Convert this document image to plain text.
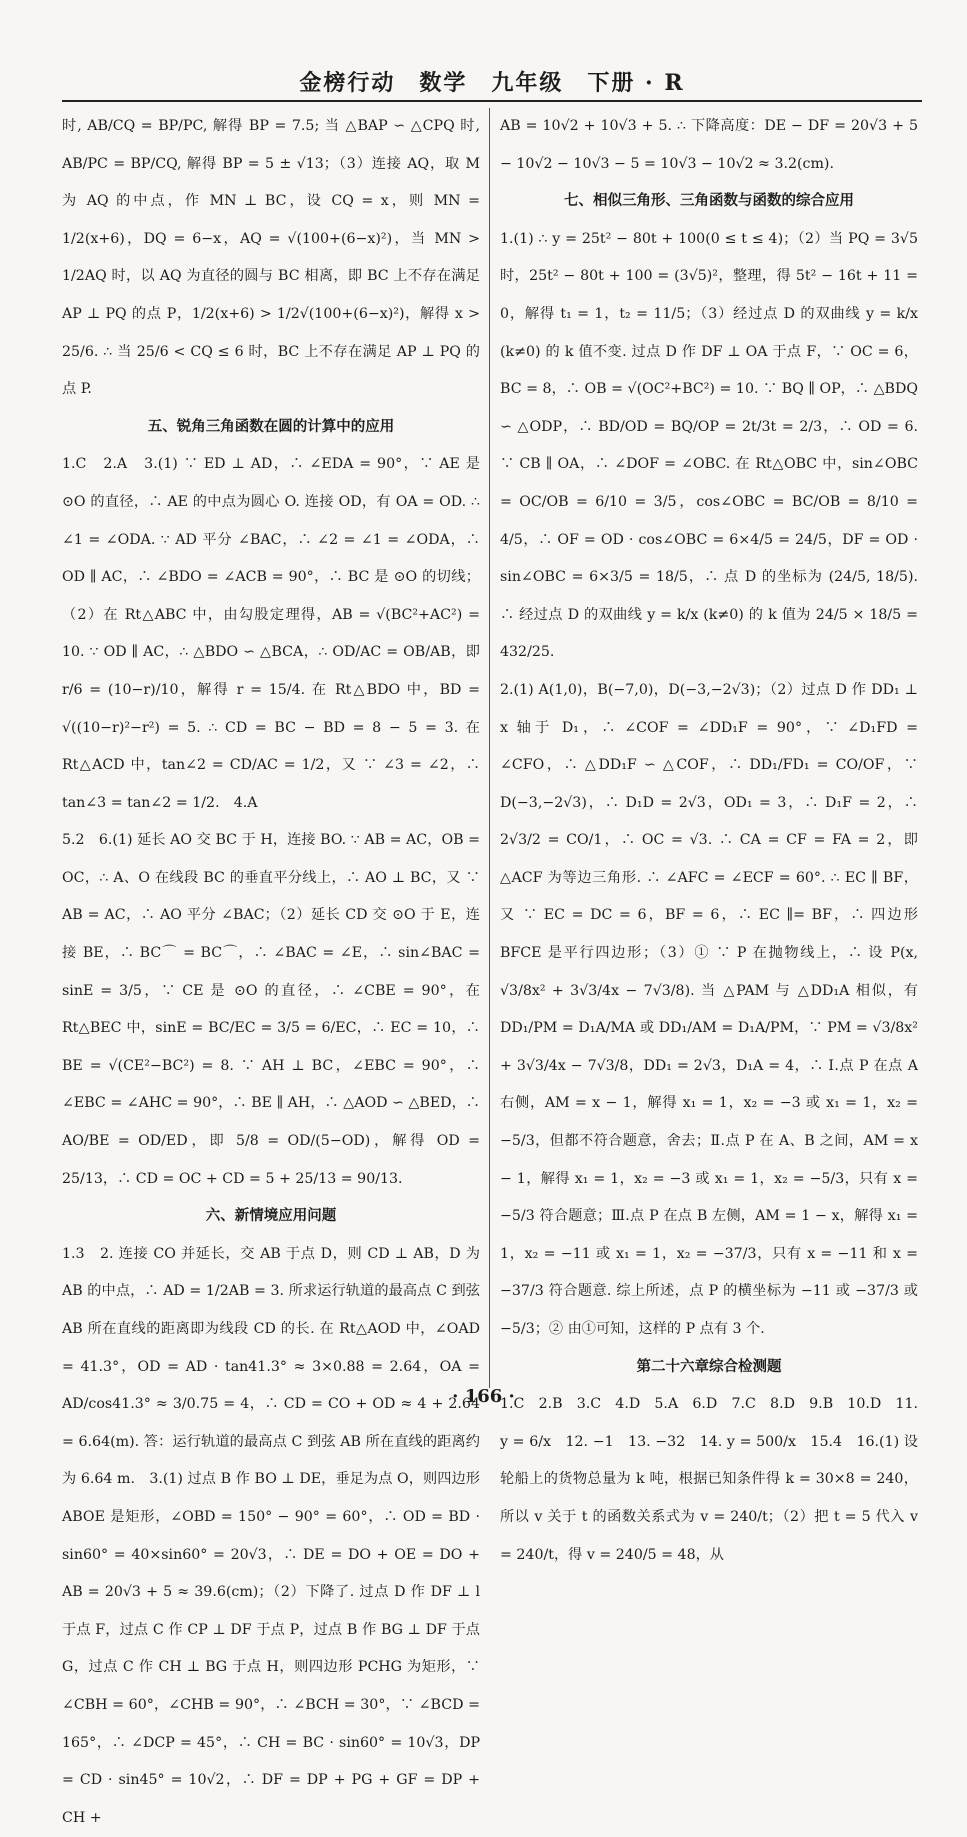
金榜行动　数学　九年级　下册 · R

时, AB/CQ = BP/PC, 解得 BP = 7.5; 当 △BAP ∽ △CPQ 时, AB/PC = BP/CQ, 解得 BP = 5 ± √13；（3）连接 AQ，取 M 为 AQ 的中点，作 MN ⊥ BC，设 CQ = x，则 MN = 1/2(x+6)，DQ = 6−x，AQ = √(100+(6−x)²)，当 MN > 1/2AQ 时，以 AQ 为直径的圆与 BC 相离，即 BC 上不存在满足 AP ⊥ PQ 的点 P，1/2(x+6) > 1/2√(100+(6−x)²)，解得 x > 25/6. ∴ 当 25/6 < CQ ≤ 6 时，BC 上不存在满足 AP ⊥ PQ 的点 P.

五、锐角三角函数在圆的计算中的应用

1.C　2.A　3.(1) ∵ ED ⊥ AD，∴ ∠EDA = 90°，∵ AE 是 ⊙O 的直径，∴ AE 的中点为圆心 O. 连接 OD，有 OA = OD. ∴ ∠1 = ∠ODA. ∵ AD 平分 ∠BAC，∴ ∠2 = ∠1 = ∠ODA，∴ OD ∥ AC，∴ ∠BDO = ∠ACB = 90°，∴ BC 是 ⊙O 的切线；（2）在 Rt△ABC 中，由勾股定理得，AB = √(BC²+AC²) = 10. ∵ OD ∥ AC，∴ △BDO ∽ △BCA，∴ OD/AC = OB/AB，即 r/6 = (10−r)/10，解得 r = 15/4. 在 Rt△BDO 中，BD = √((10−r)²−r²) = 5. ∴ CD = BC − BD = 8 − 5 = 3. 在 Rt△ACD 中，tan∠2 = CD/AC = 1/2，又 ∵ ∠3 = ∠2，∴ tan∠3 = tan∠2 = 1/2.　4.A

5.2　6.(1) 延长 AO 交 BC 于 H，连接 BO. ∵ AB = AC，OB = OC，∴ A、O 在线段 BC 的垂直平分线上，∴ AO ⊥ BC，又 ∵ AB = AC，∴ AO 平分 ∠BAC；（2）延长 CD 交 ⊙O 于 E，连接 BE，∴ BC⌒ = BC⌒，∴ ∠BAC = ∠E，∴ sin∠BAC = sinE = 3/5，∵ CE 是 ⊙O 的直径，∴ ∠CBE = 90°，在 Rt△BEC 中，sinE = BC/EC = 3/5 = 6/EC，∴ EC = 10，∴ BE = √(CE²−BC²) = 8. ∵ AH ⊥ BC，∠EBC = 90°，∴ ∠EBC = ∠AHC = 90°，∴ BE ∥ AH，∴ △AOD ∽ △BED，∴ AO/BE = OD/ED，即 5/8 = OD/(5−OD)，解得 OD = 25/13，∴ CD = OC + CD = 5 + 25/13 = 90/13.

六、新情境应用问题

1.3　2. 连接 CO 并延长，交 AB 于点 D，则 CD ⊥ AB，D 为 AB 的中点，∴ AD = 1/2AB = 3. 所求运行轨道的最高点 C 到弦 AB 所在直线的距离即为线段 CD 的长. 在 Rt△AOD 中，∠OAD = 41.3°，OD = AD · tan41.3° ≈ 3×0.88 = 2.64，OA = AD/cos41.3° ≈ 3/0.75 = 4，∴ CD = CO + OD ≈ 4 + 2.64 = 6.64(m). 答：运行轨道的最高点 C 到弦 AB 所在直线的距离约为 6.64 m.　3.(1) 过点 B 作 BO ⊥ DE，垂足为点 O，则四边形 ABOE 是矩形，∠OBD = 150° − 90° = 60°，∴ OD = BD · sin60° = 40×sin60° = 20√3，∴ DE = DO + OE = DO + AB = 20√3 + 5 ≈ 39.6(cm)；（2）下降了. 过点 D 作 DF ⊥ l 于点 F，过点 C 作 CP ⊥ DF 于点 P，过点 B 作 BG ⊥ DF 于点 G，过点 C 作 CH ⊥ BG 于点 H，则四边形 PCHG 为矩形，∵ ∠CBH = 60°，∠CHB = 90°，∴ ∠BCH = 30°，∵ ∠BCD = 165°，∴ ∠DCP = 45°，∴ CH = BC · sin60° = 10√3，DP = CD · sin45° = 10√2，∴ DF = DP + PG + GF = DP + CH +

AB = 10√2 + 10√3 + 5. ∴ 下降高度：DE − DF = 20√3 + 5 − 10√2 − 10√3 − 5 = 10√3 − 10√2 ≈ 3.2(cm).

七、相似三角形、三角函数与函数的综合应用

1.(1) ∴ y = 25t² − 80t + 100(0 ≤ t ≤ 4)；（2）当 PQ = 3√5 时，25t² − 80t + 100 = (3√5)²，整理，得 5t² − 16t + 11 = 0，解得 t₁ = 1，t₂ = 11/5；（3）经过点 D 的双曲线 y = k/x (k≠0) 的 k 值不变. 过点 D 作 DF ⊥ OA 于点 F，∵ OC = 6，BC = 8，∴ OB = √(OC²+BC²) = 10. ∵ BQ ∥ OP，∴ △BDQ ∽ △ODP，∴ BD/OD = BQ/OP = 2t/3t = 2/3，∴ OD = 6. ∵ CB ∥ OA，∴ ∠DOF = ∠OBC. 在 Rt△OBC 中，sin∠OBC = OC/OB = 6/10 = 3/5，cos∠OBC = BC/OB = 8/10 = 4/5，∴ OF = OD · cos∠OBC = 6×4/5 = 24/5，DF = OD · sin∠OBC = 6×3/5 = 18/5，∴ 点 D 的坐标为 (24/5, 18/5). ∴ 经过点 D 的双曲线 y = k/x (k≠0) 的 k 值为 24/5 × 18/5 = 432/25.

2.(1) A(1,0)，B(−7,0)，D(−3,−2√3)；（2）过点 D 作 DD₁ ⊥ x 轴于 D₁，∴ ∠COF = ∠DD₁F = 90°，∵ ∠D₁FD = ∠CFO，∴ △DD₁F ∽ △COF，∴ DD₁/FD₁ = CO/OF，∵ D(−3,−2√3)，∴ D₁D = 2√3，OD₁ = 3，∴ D₁F = 2，∴ 2√3/2 = CO/1，∴ OC = √3. ∴ CA = CF = FA = 2，即 △ACF 为等边三角形. ∴ ∠AFC = ∠ECF = 60°. ∴ EC ∥ BF，又 ∵ EC = DC = 6，BF = 6，∴ EC ∥= BF，∴ 四边形 BFCE 是平行四边形；（3）① ∵ P 在抛物线上，∴ 设 P(x, √3/8x² + 3√3/4x − 7√3/8). 当 △PAM 与 △DD₁A 相似，有 DD₁/PM = D₁A/MA 或 DD₁/AM = D₁A/PM，∵ PM = √3/8x² + 3√3/4x − 7√3/8，DD₁ = 2√3，D₁A = 4，∴ Ⅰ.点 P 在点 A 右侧，AM = x − 1，解得 x₁ = 1，x₂ = −3 或 x₁ = 1，x₂ = −5/3，但都不符合题意，舍去；Ⅱ.点 P 在 A、B 之间，AM = x − 1，解得 x₁ = 1，x₂ = −3 或 x₁ = 1，x₂ = −5/3，只有 x = −5/3 符合题意；Ⅲ.点 P 在点 B 左侧，AM = 1 − x，解得 x₁ = 1，x₂ = −11 或 x₁ = 1，x₂ = −37/3，只有 x = −11 和 x = −37/3 符合题意. 综上所述，点 P 的横坐标为 −11 或 −37/3 或 −5/3；② 由①可知，这样的 P 点有 3 个.

第二十六章综合检测题

1.C　2.B　3.C　4.D　5.A　6.D　7.C　8.D　9.B　10.D　11. y = 6/x　12. −1　13. −32　14. y = 500/x　15.4　16.(1) 设轮船上的货物总量为 k 吨，根据已知条件得 k = 30×8 = 240，所以 v 关于 t 的函数关系式为 v = 240/t；（2）把 t = 5 代入 v = 240/t，得 v = 240/5 = 48，从

· 166 ·
